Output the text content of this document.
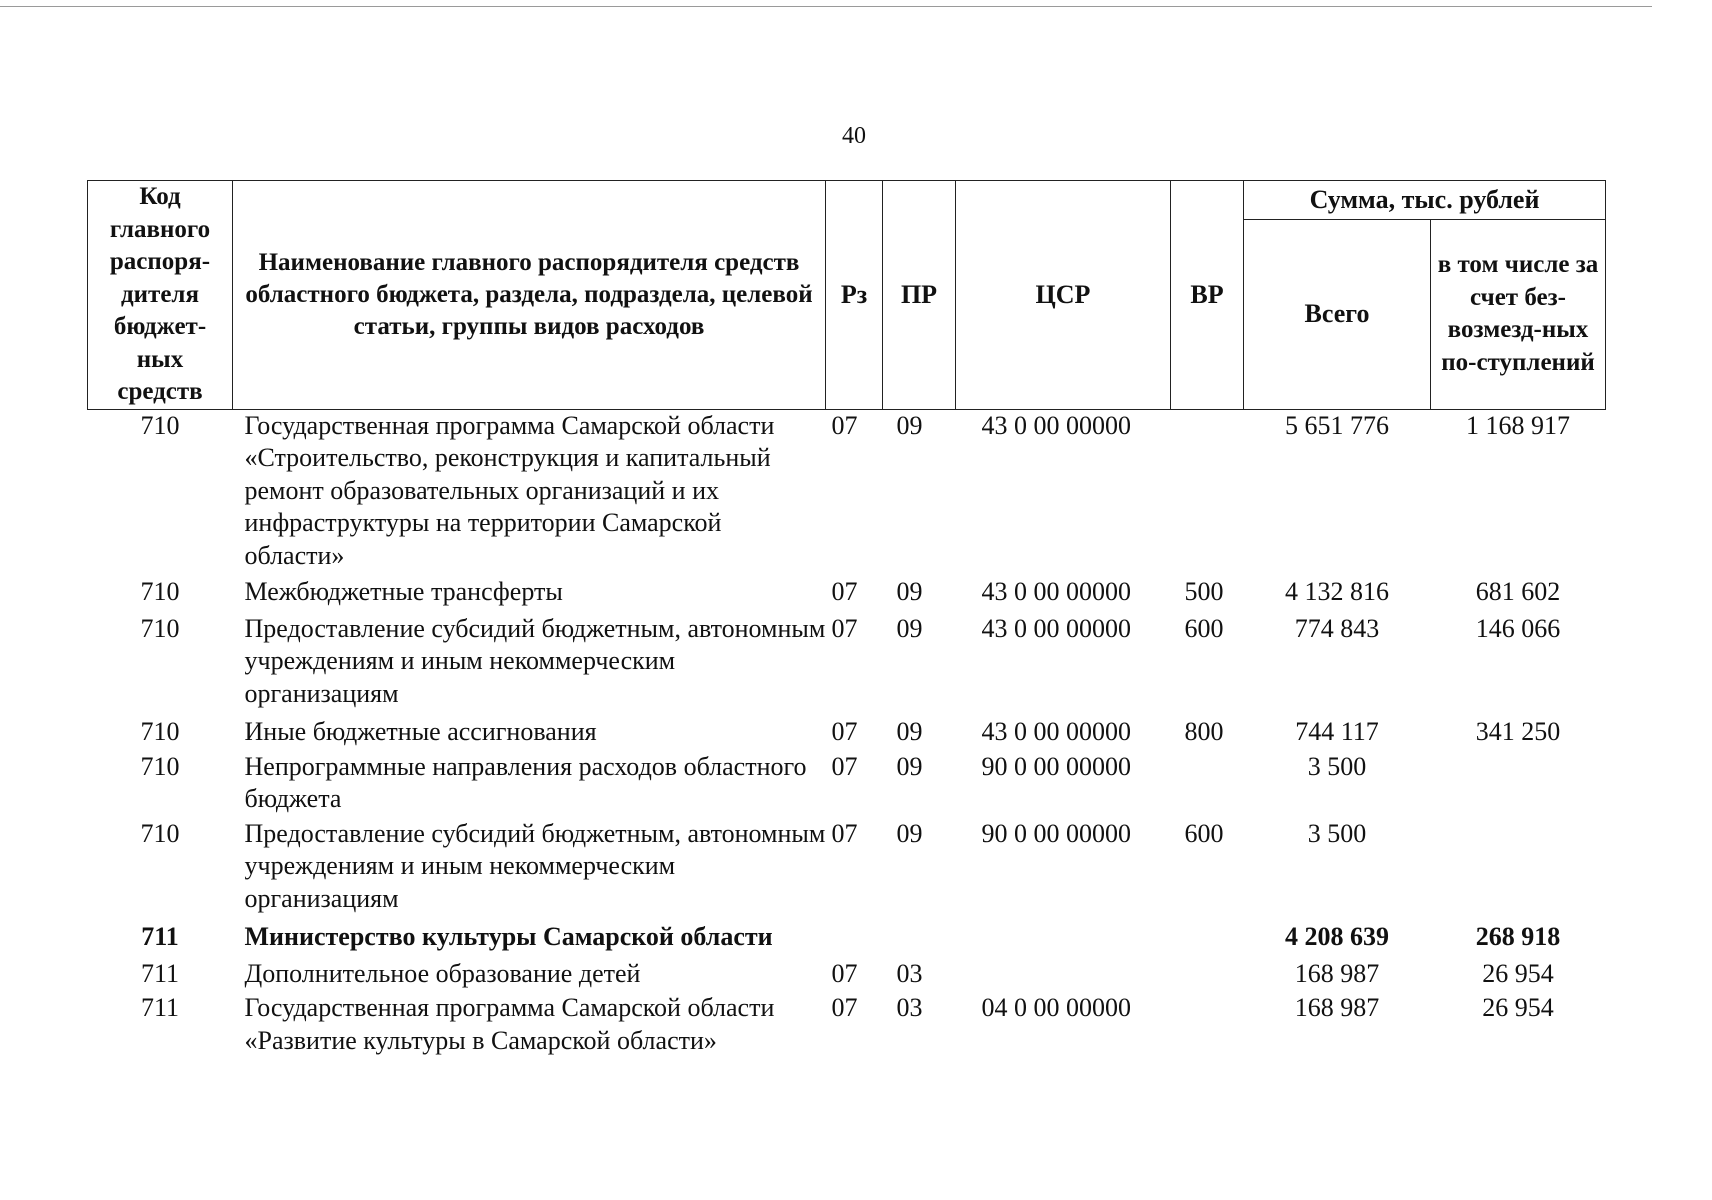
40
Код главного распоря-дителя бюджет-ных средств	Наименование главного распорядителя средств областного бюджета, раздела, подраздела, целевой статьи, группы видов расходов	Рз	ПР	ЦСР	ВР	Сумма, тыс. рублей	
						Всего	в том числе за счет без-возмезд-ных по-ступлений
710	Государственная программа Самарской области «Строительство, реконструкция и капитальный ремонт образовательных организаций и их инфраструктуры на территории Самарской области»	07	09	43 0 00 00000		5 651 776	1 168 917
710	Межбюджетные трансферты	07	09	43 0 00 00000	500	4 132 816	681 602
710	Предоставление субсидий бюджетным, автономным учреждениям и иным некоммерческим организациям	07	09	43 0 00 00000	600	774 843	146 066
710	Иные бюджетные ассигнования	07	09	43 0 00 00000	800	744 117	341 250
710	Непрограммные направления расходов областного бюджета	07	09	90 0 00 00000		3 500	
710	Предоставление субсидий бюджетным, автономным учреждениям и иным некоммерческим организациям	07	09	90 0 00 00000	600	3 500	
711	Министерство культуры Самарской области					4 208 639	268 918
711	Дополнительное образование детей	07	03			168 987	26 954
711	Государственная программа Самарской области «Развитие культуры в Самарской области»	07	03	04 0 00 00000		168 987	26 954
